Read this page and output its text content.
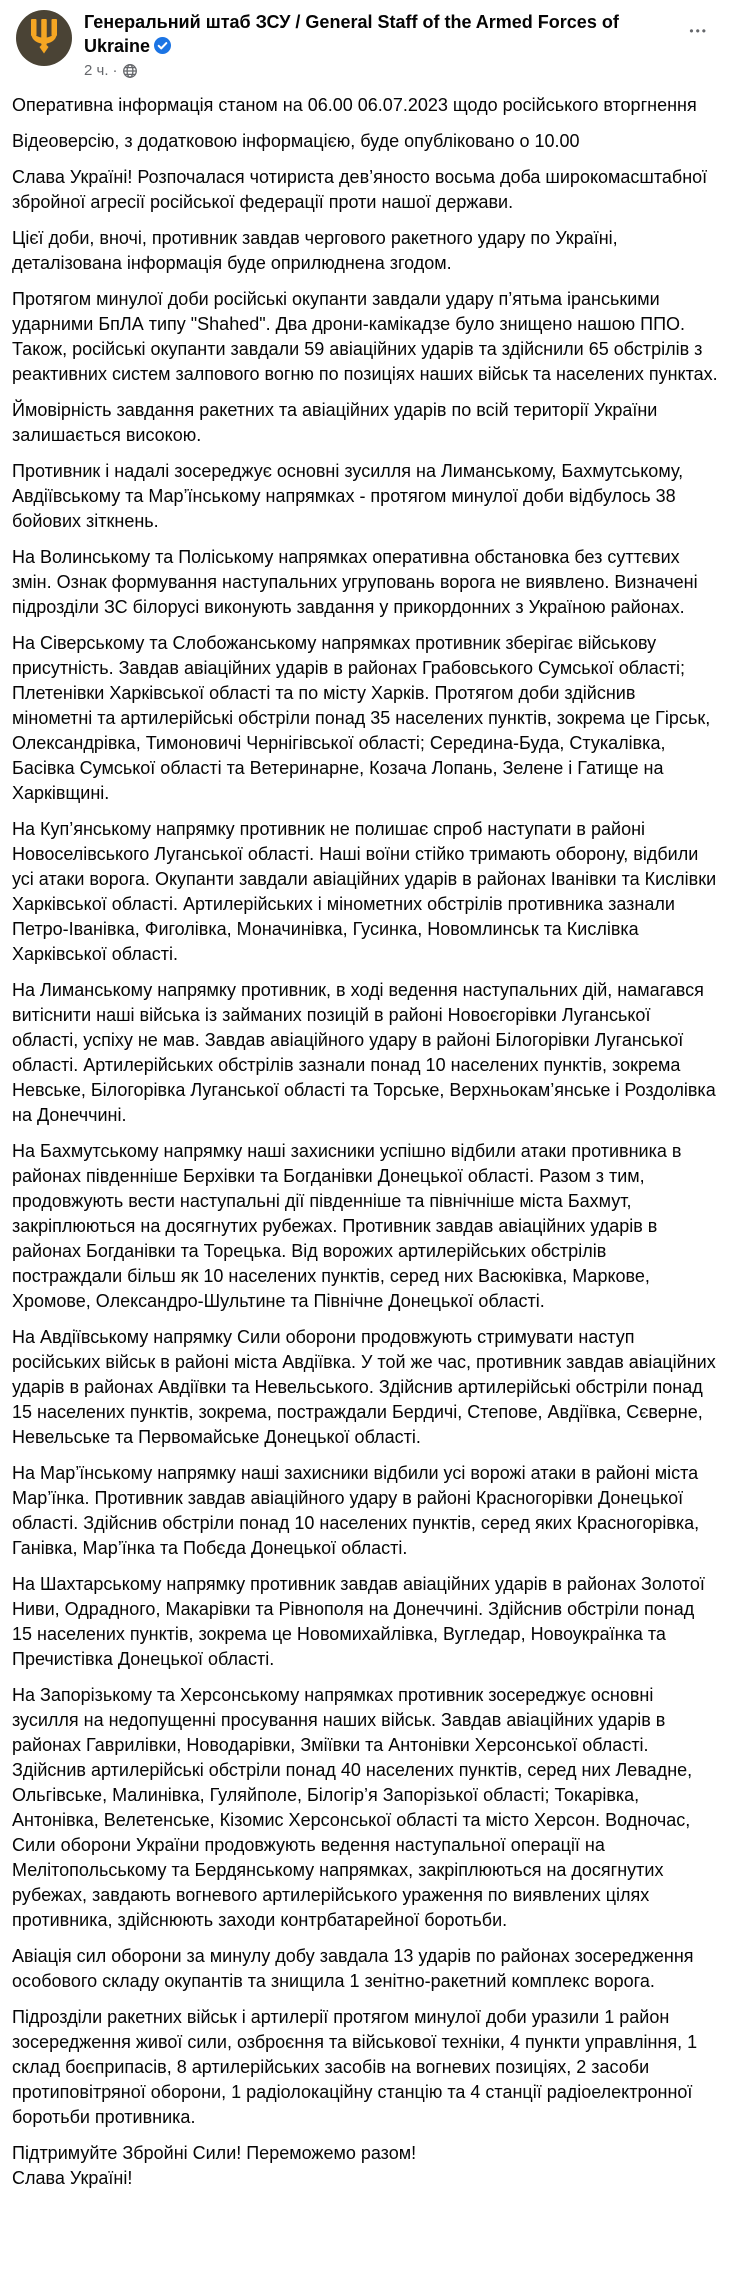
Генеральний штаб ЗСУ / General Staff of the Armed Forces of Ukraine
2 ч. ·
•••

Оперативна інформація станом на 06.00 06.07.2023 щодо російського вторгнення

Відеоверсію, з додатковою інформацією, буде опубліковано о 10.00

Слава Україні! Розпочалася чотириста дев’яносто восьма доба широкомасштабної збройної агресії російської федерації проти нашої держави.

Цієї доби, вночі, противник завдав чергового ракетного удару по Україні, деталізована інформація буде оприлюднена згодом.

Протягом минулої доби російські окупанти завдали удару п’ятьма іранськими ударними БпЛА типу "Shahed". Два дрони-камікадзе було знищено нашою ППО. Також, російські окупанти завдали 59 авіаційних ударів та здійснили 65 обстрілів з реактивних систем залпового вогню по позиціях наших військ та населених пунктах.

Ймовірність завдання ракетних та авіаційних ударів по всій території України залишається високою.

Противник і надалі зосереджує основні зусилля на Лиманському, Бахмутському, Авдіївському та Мар’їнському напрямках - протягом минулої доби відбулось 38 бойових зіткнень.

На Волинському та Поліському напрямках оперативна обстановка без суттєвих змін. Ознак формування наступальних угруповань ворога не виявлено. Визначені підрозділи ЗС білорусі виконують завдання у прикордонних з Україною районах.

На Сіверському та Слобожанському напрямках противник зберігає військову присутність. Завдав авіаційних ударів в районах Грабовського Сумської області; Плетенівки Харківської області та по місту Харків. Протягом доби здійснив мінометні та артилерійські обстріли понад 35 населених пунктів, зокрема це Гірськ, Олександрівка, Тимоновичі Чернігівської області; Середина-Буда, Стукалівка, Басівка Сумської області та Ветеринарне, Козача Лопань, Зелене і Гатище на Харківщині.

На Куп’янському напрямку противник не полишає спроб наступати в районі Новоселівського Луганської області. Наші воїни стійко тримають оборону, відбили усі атаки ворога. Окупанти завдали авіаційних ударів в районах Іванівки та Кислівки Харківської області. Артилерійських і мінометних обстрілів противника зазнали Петро-Іванівка, Фиголівка, Моначинівка, Гусинка, Новомлинськ та Кислівка Харківської області.

На Лиманському напрямку противник, в ході ведення наступальних дій, намагався витіснити наші війська із займаних позицій в районі Новоєгорівки Луганської області, успіху не мав. Завдав авіаційного удару в районі Білогорівки Луганської області. Артилерійських обстрілів зазнали понад 10 населених пунктів, зокрема Невське, Білогорівка Луганської області та Торське, Верхньокам’янське і Роздолівка на Донеччині.

На Бахмутському напрямку наші захисники успішно відбили атаки противника в районах південніше Берхівки та Богданівки Донецької області. Разом з тим, продовжують вести наступальні дії південніше та північніше міста Бахмут, закріплюються на досягнутих рубежах. Противник завдав авіаційних ударів в районах Богданівки та Торецька. Від ворожих артилерійських обстрілів постраждали більш як 10 населених пунктів, серед них Васюківка, Маркове, Хромове, Олександро-Шультине та Північне Донецької області.

На Авдіївському напрямку Сили оборони продовжують стримувати наступ російських військ в районі міста Авдіївка. У той же час, противник завдав авіаційних ударів в районах Авдіївки та Невельського. Здійснив артилерійські обстріли понад 15 населених пунктів, зокрема, постраждали Бердичі, Степове, Авдіївка, Сєверне, Невельське та Первомайське Донецької області.

На Мар’їнському напрямку наші захисники відбили усі ворожі атаки в районі міста Мар’їнка. Противник завдав авіаційного удару в районі Красногорівки Донецької області. Здійснив обстріли понад 10 населених пунктів, серед яких Красногорівка, Ганівка, Мар’їнка та Побєда Донецької області.

На Шахтарському напрямку противник завдав авіаційних ударів в районах Золотої Ниви, Одрадного, Макарівки та Рівнополя на Донеччині. Здійснив обстріли понад 15 населених пунктів, зокрема це Новомихайлівка, Вугледар, Новоукраїнка та Пречистівка Донецької області.

На Запорізькому та Херсонському напрямках противник зосереджує основні зусилля на недопущенні просування наших військ. Завдав авіаційних ударів в районах Гаврилівки, Новодарівки, Зміївки та Антонівки Херсонської області. Здійснив артилерійські обстріли понад 40 населених пунктів, серед них Левадне, Ольгівське, Малинівка, Гуляйполе, Білогір’я Запорізької області; Токарівка, Антонівка, Велетенське, Кізомис Херсонської області та місто Херсон. Водночас, Сили оборони України продовжують ведення наступальної операції на Мелітопольському та Бердянському напрямках, закріплюються на досягнутих рубежах, завдають вогневого артилерійського ураження по виявлених цілях противника, здійснюють заходи контрбатарейної боротьби.

Авіація сил оборони за минулу добу завдала 13 ударів по районах зосередження особового складу окупантів та знищила 1 зенітно-ракетний комплекс ворога.

Підрозділи ракетних військ і артилерії протягом минулої доби уразили 1 район зосередження живої сили, озброєння та військової техніки, 4 пункти управління, 1 склад боєприпасів, 8 артилерійських засобів на вогневих позиціях, 2 засоби протиповітряної оборони, 1 радіолокаційну станцію та 4 станції радіоелектронної боротьби противника.

Підтримуйте Збройні Сили! Переможемо разом!
Слава Україні!
